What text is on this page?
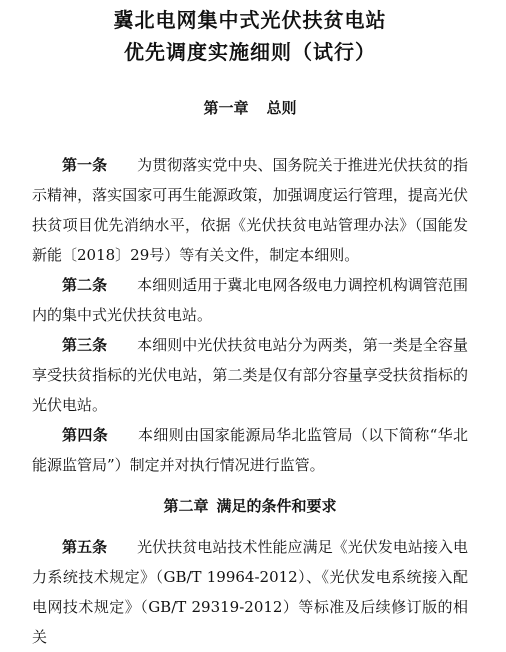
冀北电网集中式光伏扶贫电站
优先调度实施细则（试行）
第一章 总则

第一条 为贯彻落实党中央、国务院关于推进光伏扶贫的指示精神，落实国家可再生能源政策，加强调度运行管理，提高光伏扶贫项目优先消纳水平，依据《光伏扶贫电站管理办法》（国能发新能〔2018〕29号）等有关文件，制定本细则。

第二条 本细则适用于冀北电网各级电力调控机构调管范围内的集中式光伏扶贫电站。

第三条 本细则中光伏扶贫电站分为两类，第一类是全容量享受扶贫指标的光伏电站，第二类是仅有部分容量享受扶贫指标的光伏电站。

第四条 本细则由国家能源局华北监管局（以下简称“华北能源监管局”）制定并对执行情况进行监管。

第二章 满足的条件和要求

第五条 光伏扶贫电站技术性能应满足《光伏发电站接入电力系统技术规定》（GB/T 19964-2012）、《光伏发电系统接入配电网技术规定》（GB/T 29319-2012）等标准及后续修订版的相关
